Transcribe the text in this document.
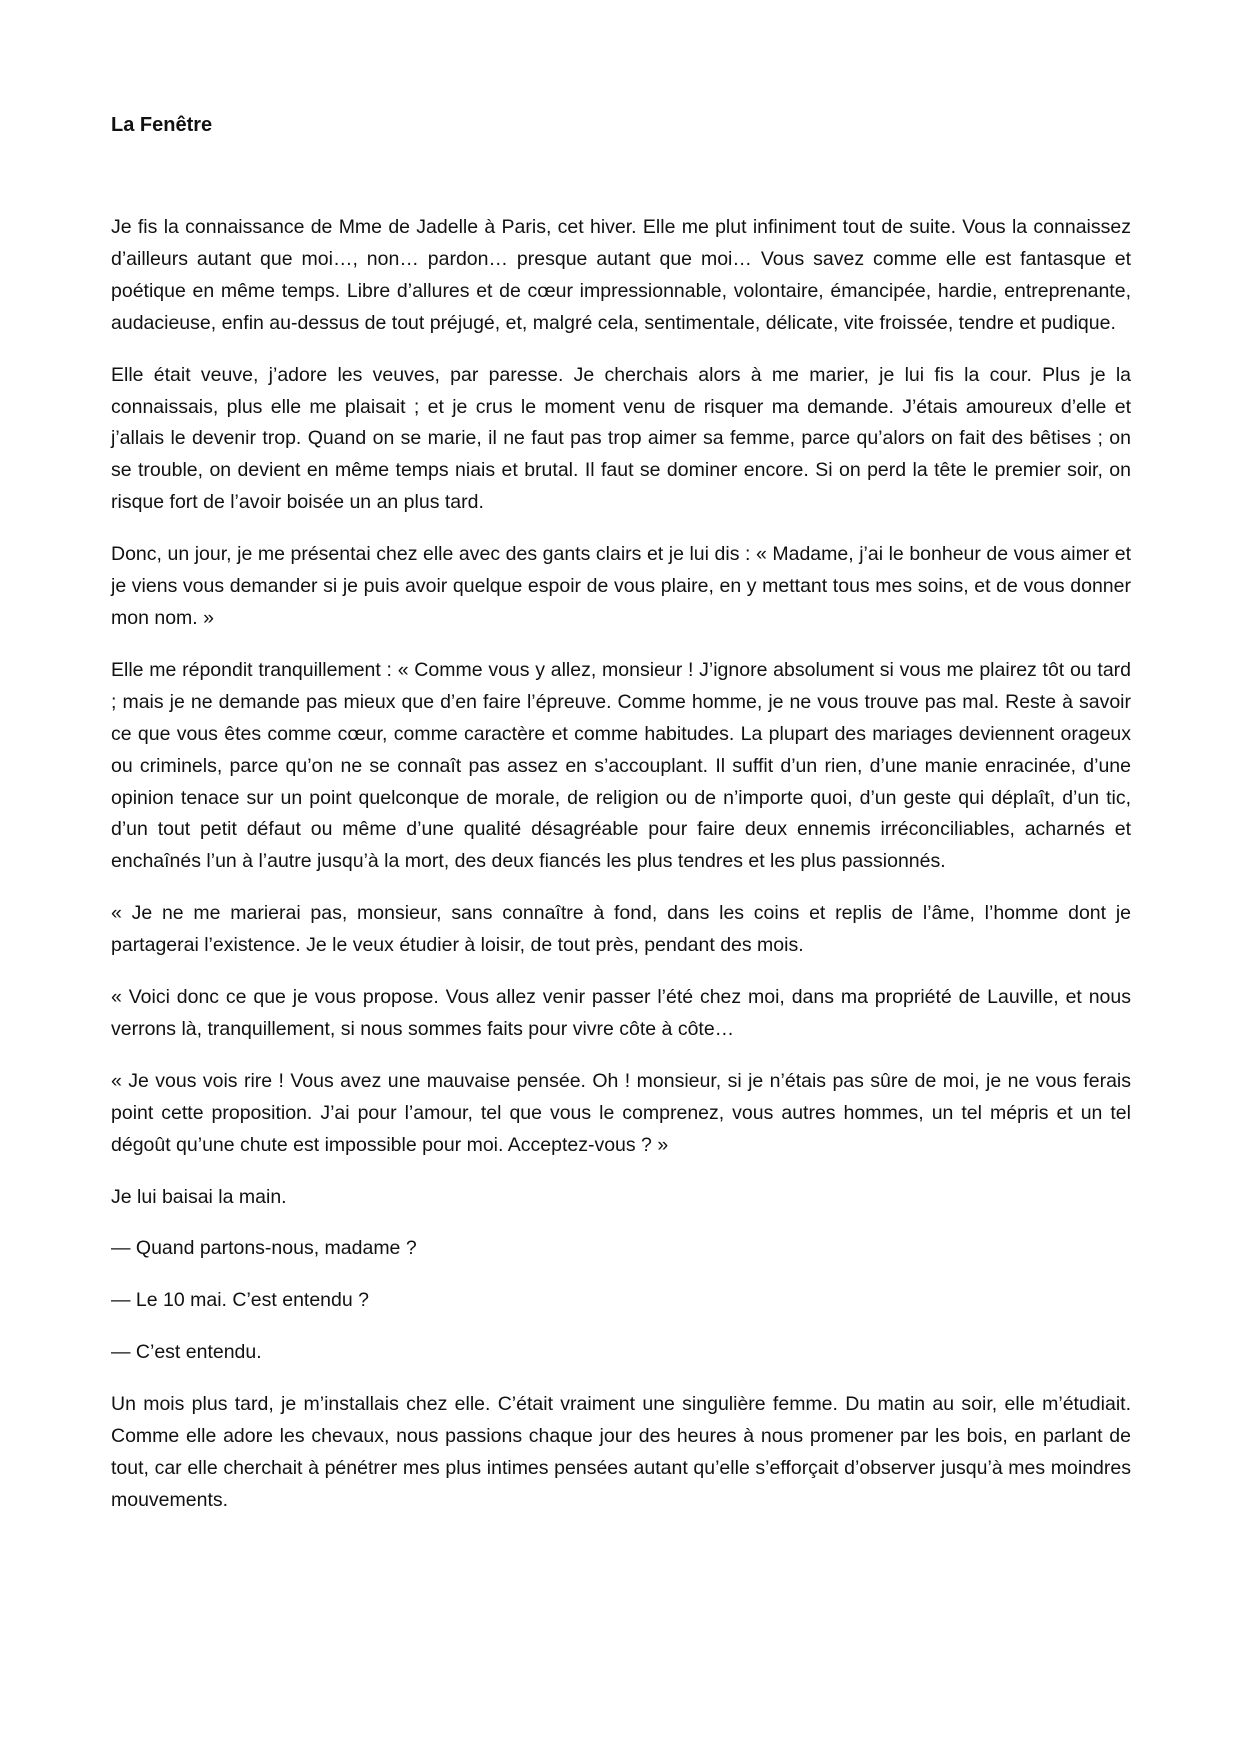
La Fenêtre

Je fis la connaissance de Mme de Jadelle à Paris, cet hiver. Elle me plut infiniment tout de suite. Vous la connaissez d’ailleurs autant que moi…, non… pardon… presque autant que moi… Vous savez comme elle est fantasque et poétique en même temps. Libre d’allures et de cœur impressionnable, volontaire, émancipée, hardie, entreprenante, audacieuse, enfin au-dessus de tout préjugé, et, malgré cela, sentimentale, délicate, vite froissée, tendre et pudique.

Elle était veuve, j’adore les veuves, par paresse. Je cherchais alors à me marier, je lui fis la cour. Plus je la connaissais, plus elle me plaisait ; et je crus le moment venu de risquer ma demande. J’étais amoureux d’elle et j’allais le devenir trop. Quand on se marie, il ne faut pas trop aimer sa femme, parce qu’alors on fait des bêtises ; on se trouble, on devient en même temps niais et brutal. Il faut se dominer encore. Si on perd la tête le premier soir, on risque fort de l’avoir boisée un an plus tard.

Donc, un jour, je me présentai chez elle avec des gants clairs et je lui dis : « Madame, j’ai le bonheur de vous aimer et je viens vous demander si je puis avoir quelque espoir de vous plaire, en y mettant tous mes soins, et de vous donner mon nom. »

Elle me répondit tranquillement : « Comme vous y allez, monsieur ! J’ignore absolument si vous me plairez tôt ou tard ; mais je ne demande pas mieux que d’en faire l’épreuve. Comme homme, je ne vous trouve pas mal. Reste à savoir ce que vous êtes comme cœur, comme caractère et comme habitudes. La plupart des mariages deviennent orageux ou criminels, parce qu’on ne se connaît pas assez en s’accouplant. Il suffit d’un rien, d’une manie enracinée, d’une opinion tenace sur un point quelconque de morale, de religion ou de n’importe quoi, d’un geste qui déplaît, d’un tic, d’un tout petit défaut ou même d’une qualité désagréable pour faire deux ennemis irréconciliables, acharnés et enchaînés l’un à l’autre jusqu’à la mort, des deux fiancés les plus tendres et les plus passionnés.

« Je ne me marierai pas, monsieur, sans connaître à fond, dans les coins et replis de l’âme, l’homme dont je partagerai l’existence. Je le veux étudier à loisir, de tout près, pendant des mois.

« Voici donc ce que je vous propose. Vous allez venir passer l’été chez moi, dans ma propriété de Lauville, et nous verrons là, tranquillement, si nous sommes faits pour vivre côte à côte…

« Je vous vois rire ! Vous avez une mauvaise pensée. Oh ! monsieur, si je n’étais pas sûre de moi, je ne vous ferais point cette proposition. J’ai pour l’amour, tel que vous le comprenez, vous autres hommes, un tel mépris et un tel dégoût qu’une chute est impossible pour moi. Acceptez-vous ? »

Je lui baisai la main.

— Quand partons-nous, madame ?

— Le 10 mai. C’est entendu ?

— C’est entendu.

Un mois plus tard, je m’installais chez elle. C’était vraiment une singulière femme. Du matin au soir, elle m’étudiait. Comme elle adore les chevaux, nous passions chaque jour des heures à nous promener par les bois, en parlant de tout, car elle cherchait à pénétrer mes plus intimes pensées autant qu’elle s’efforçait d’observer jusqu’à mes moindres mouvements.
